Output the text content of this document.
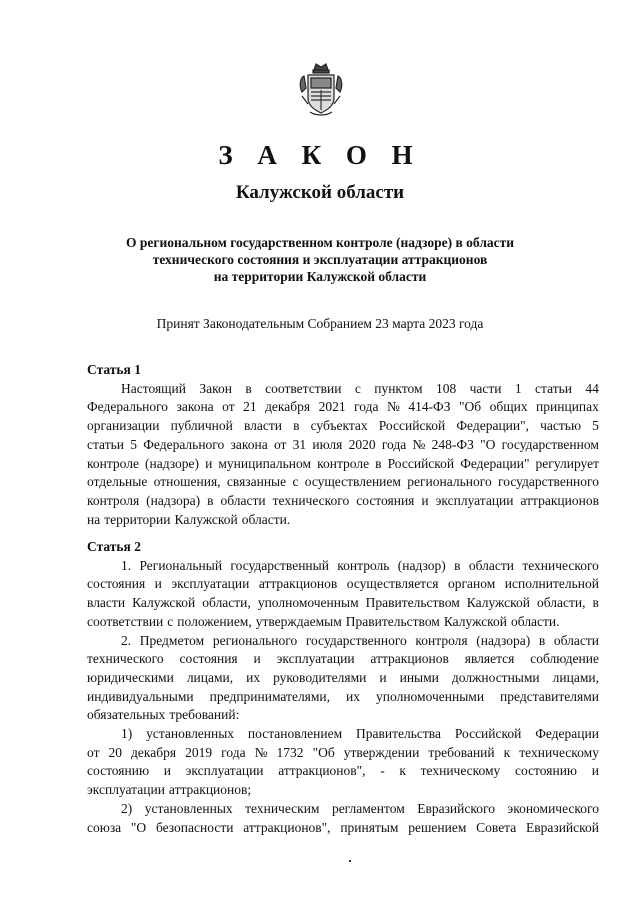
З А К О Н
Калужской области
О региональном государственном контроле (надзоре) в области
технического состояния и эксплуатации аттракционов
на территории Калужской области

Принят Законодательным Собранием 23 марта 2023 года

Статья 1
Настоящий Закон в соответствии с пунктом 108 части 1 статьи 44
Федерального закона от 21 декабря 2021 года № 414-ФЗ "Об общих принципах
организации публичной власти в субъектах Российской Федерации", частью 5
статьи 5 Федерального закона от 31 июля 2020 года № 248-ФЗ "О государственном
контроле (надзоре) и муниципальном контроле в Российской Федерации" регулирует
отдельные отношения, связанные с осуществлением регионального государственного
контроля (надзора) в области технического состояния и эксплуатации аттракционов
на территории Калужской области.
Статья 2
1. Региональный государственный контроль (надзор) в области технического
состояния и эксплуатации аттракционов осуществляется органом исполнительной
власти Калужской области, уполномоченным Правительством Калужской области, в
соответствии с положением, утверждаемым Правительством Калужской области.
2. Предметом регионального государственного контроля (надзора) в области
технического состояния и эксплуатации аттракционов является соблюдение
юридическими лицами, их руководителями и иными должностными лицами,
индивидуальными предпринимателями, их уполномоченными представителями
обязательных требований:
1) установленных постановлением Правительства Российской Федерации
от 20 декабря 2019 года № 1732 "Об утверждении требований к техническому
состоянию и эксплуатации аттракционов", - к техническому состоянию и
эксплуатации аттракционов;
2) установленных техническим регламентом Евразийского экономического
союза "О безопасности аттракционов", принятым решением Совета Евразийской
